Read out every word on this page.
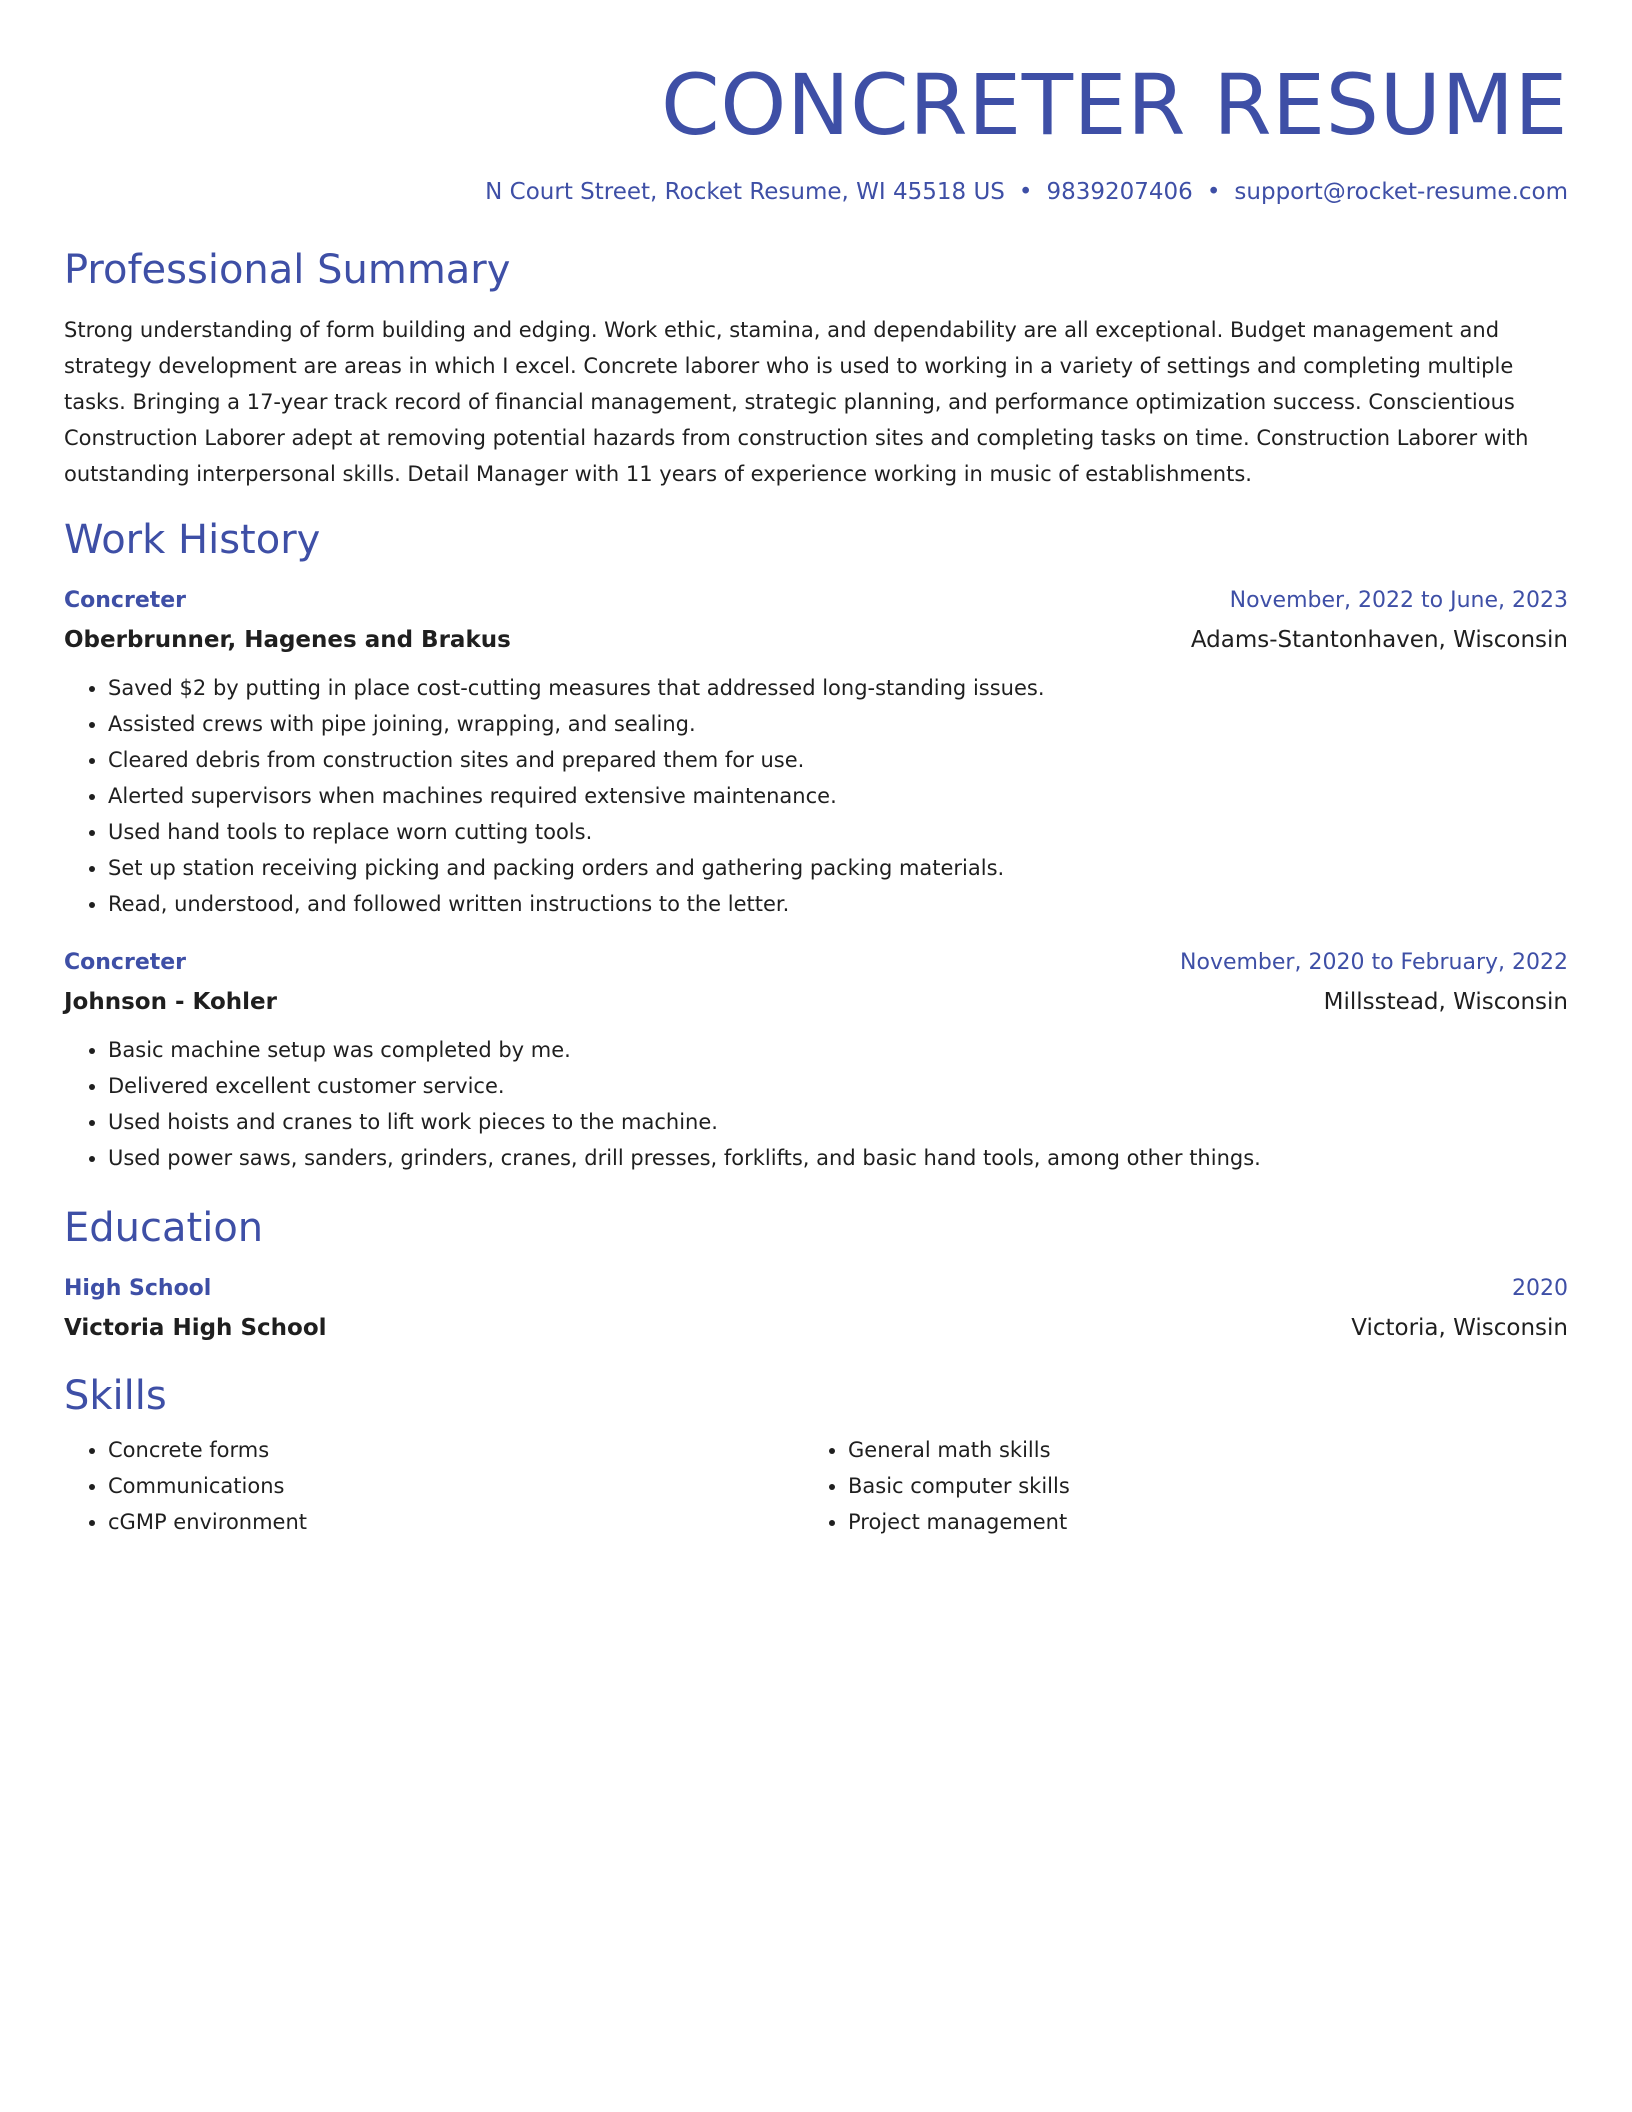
CONCRETER RESUME
N Court Street, Rocket Resume, WI 45518 US • 9839207406 • support@rocket-resume.com
Professional Summary
Strong understanding of form building and edging. Work ethic, stamina, and dependability are all exceptional. Budget management and strategy development are areas in which I excel. Concrete laborer who is used to working in a variety of settings and completing multiple tasks. Bringing a 17-year track record of financial management, strategic planning, and performance optimization success. Conscientious Construction Laborer adept at removing potential hazards from construction sites and completing tasks on time. Construction Laborer with outstanding interpersonal skills. Detail Manager with 11 years of experience working in music of establishments.
Work History
Concreter	November, 2022 to June, 2023
Oberbrunner, Hagenes and Brakus	Adams-Stantonhaven, Wisconsin
• Saved $2 by putting in place cost-cutting measures that addressed long-standing issues.
• Assisted crews with pipe joining, wrapping, and sealing.
• Cleared debris from construction sites and prepared them for use.
• Alerted supervisors when machines required extensive maintenance.
• Used hand tools to replace worn cutting tools.
• Set up station receiving picking and packing orders and gathering packing materials.
• Read, understood, and followed written instructions to the letter.
Concreter	November, 2020 to February, 2022
Johnson - Kohler	Millsstead, Wisconsin
• Basic machine setup was completed by me.
• Delivered excellent customer service.
• Used hoists and cranes to lift work pieces to the machine.
• Used power saws, sanders, grinders, cranes, drill presses, forklifts, and basic hand tools, among other things.
Education
High School	2020
Victoria High School	Victoria, Wisconsin
Skills
• Concrete forms
• Communications
• cGMP environment
• General math skills
• Basic computer skills
• Project management
